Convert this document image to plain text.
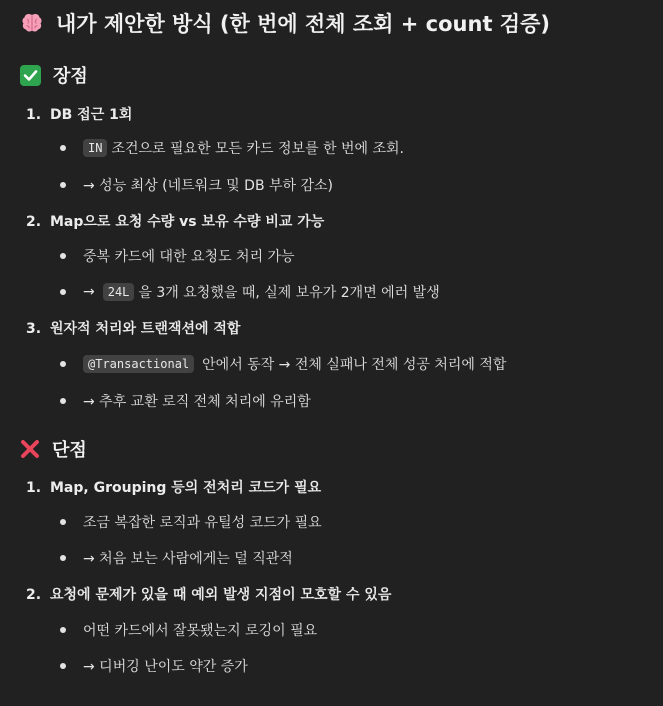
내가 제안한 방식 (한 번에 전체 조회 + count 검증)
장점
1. DB 접근 1회
IN 조건으로 필요한 모든 카드 정보를 한 번에 조회.
→ 성능 최상 (네트워크 및 DB 부하 감소)
2. Map으로 요청 수량 vs 보유 수량 비교 가능
중복 카드에 대한 요청도 처리 가능
→	24L 을 3개 요청했을 때, 실제 보유가 2개면 에러 발생
3. 원자적 처리와 트랜잭션에 적합
@Transactional 안에서 동작 → 전체 실패나 전체 성공 처리에 적합
→ 추후 교환 로직 전체 처리에 유리함
단점
1. Map, Grouping 등의 전처리 코드가 필요
조금 복잡한 로직과 유틸성 코드가 필요
→ 처음 보는 사람에게는 덜 직관적
2. 요청에 문제가 있을 때 예외 발생 지점이 모호할 수 있음
어떤 카드에서 잘못됐는지 로깅이 필요
→ 디버깅 난이도 약간 증가
